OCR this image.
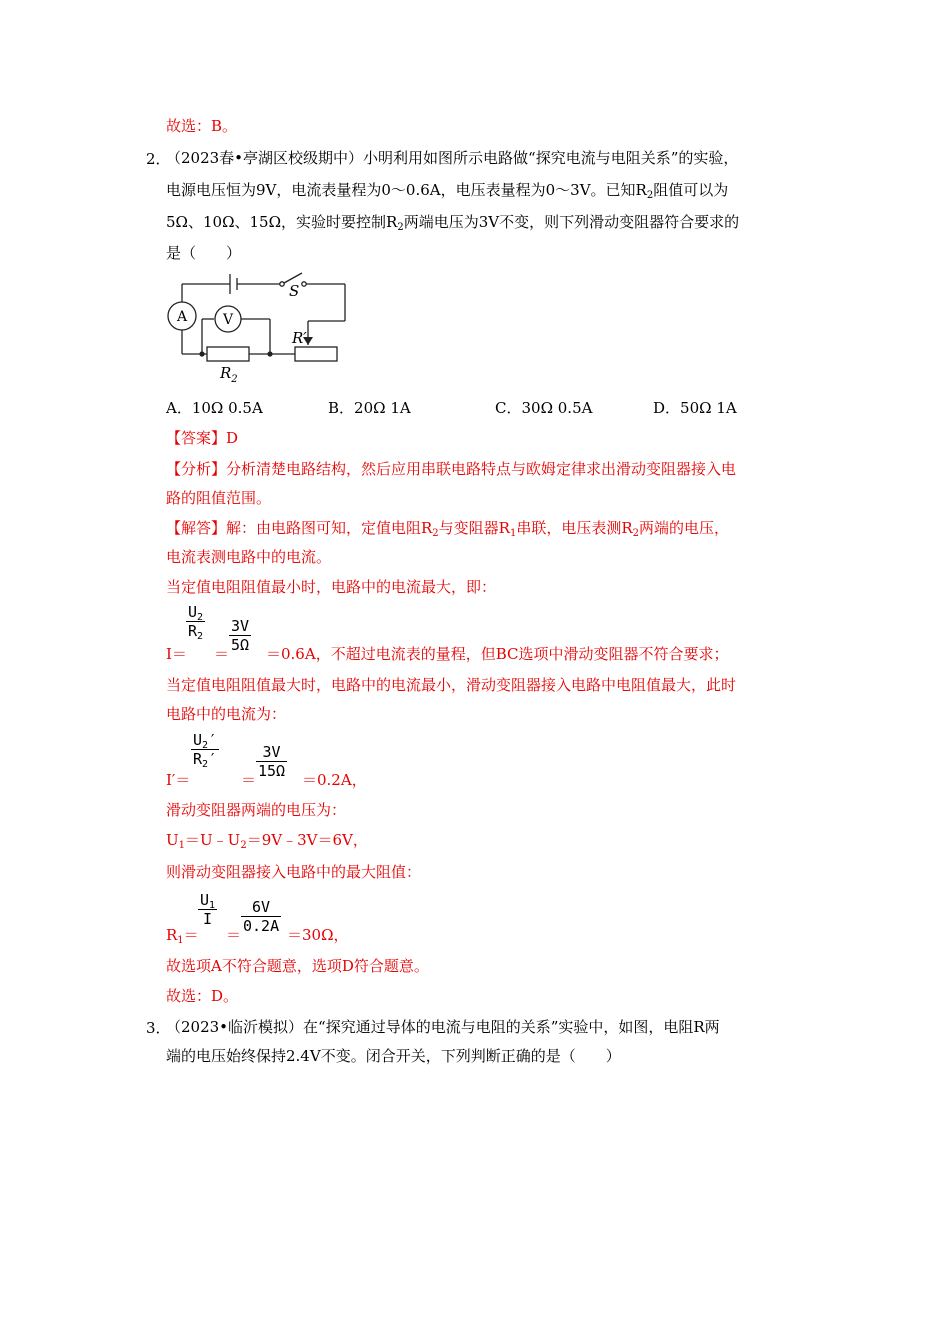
故选：B。
2．
（2023春•亭湖区校级期中）小明利用如图所示电路做“探究电流与电阻关系”的实验，
电源电压恒为9V，电流表量程为0～0.6A，电压表量程为0～3V。已知$R_2$阻值可以为
5Ω、10Ω、15Ω，实验时要控制$R_2$两端电压为3V不变，则下列滑动变阻器符合要求的
是（　　）
A	V
S
R′
$R_2$
A．10Ω 0.5A	B．20Ω 1A	C．30Ω 0.5A	D．50Ω 1A
【答案】D
【分析】分析清楚电路结构，然后应用串联电路特点与欧姆定律求出滑动变阻器接入电
路的阻值范围。
【解答】解：由电路图可知，定值电阻$R_2$与变阻器$R_1$串联，电压表测$R_2$两端的电压，
电流表测电路中的电流。
当定值电阻阻值最小时，电路中的电流最大，即：
I＝
$U_2$
$R_2$
＝
3V
5Ω ＝0.6A，不超过电流表的量程，但BC选项中滑动变阻器不符合要求；
当定值电阻阻值最大时，电路中的电流最小，滑动变阻器接入电路中电阻值最大，此时
电路中的电流为：
I′＝
$U_2'$
$R_2'$
＝
3V
15Ω ＝0.2A，
滑动变阻器两端的电压为：
$U_1=U﹣U_2=9V﹣3V=6V$，
则滑动变阻器接入电路中的最大阻值：
$R_1=$
$U_1$
I
＝
6V
0.2A ＝30Ω，
故选项A不符合题意，选项D符合题意。
故选：D。
3．
（2023•临沂模拟）在“探究通过导体的电流与电阻的关系”实验中，如图，电阻R两
端的电压始终保持2.4V不变。闭合开关，下列判断正确的是（　　）
